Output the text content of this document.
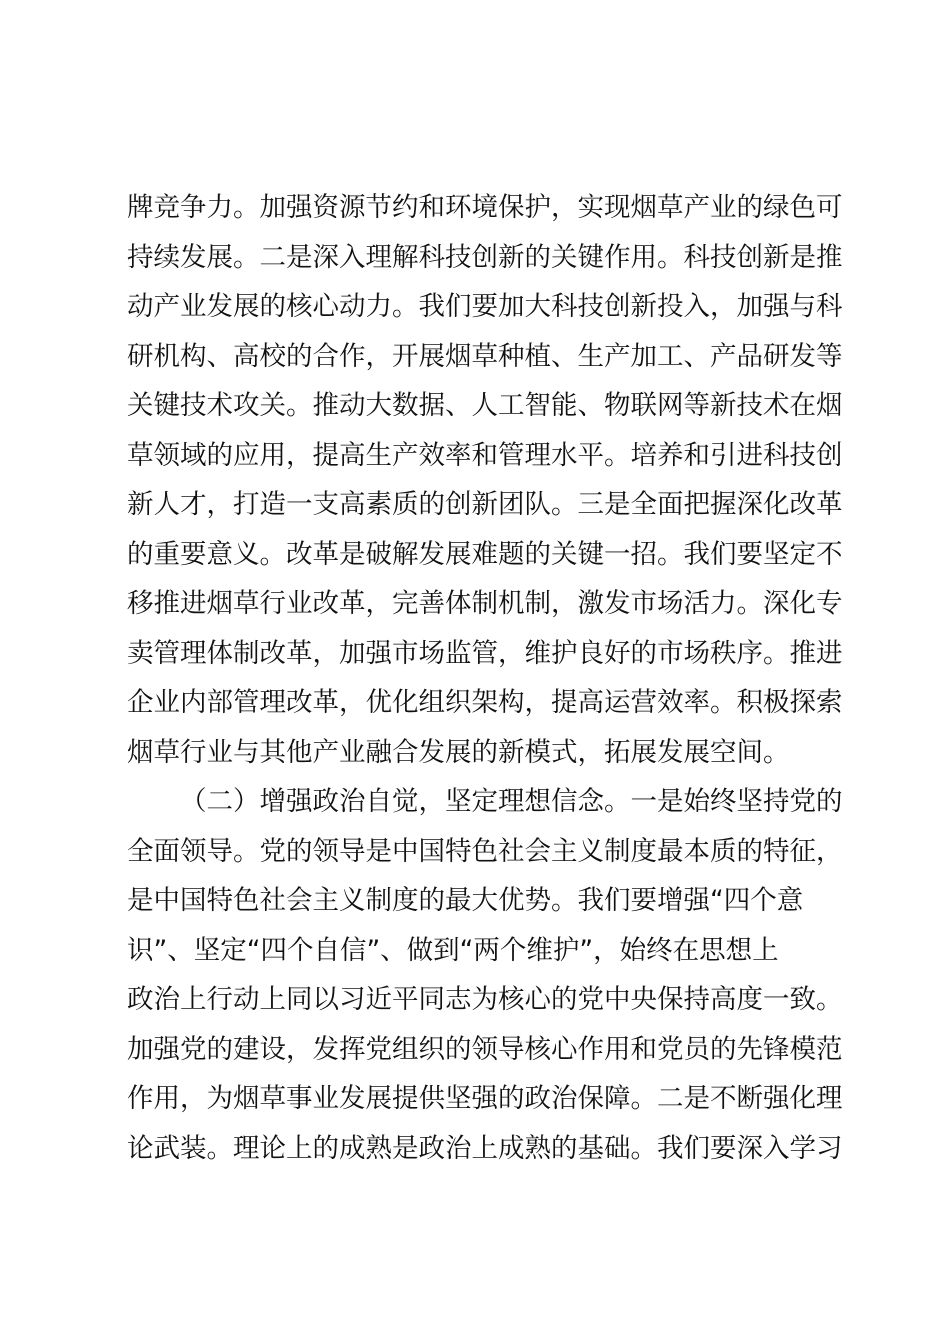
牌竞争力。加强资源节约和环境保护，实现烟草产业的绿色可
持续发展。二是深入理解科技创新的关键作用。科技创新是推
动产业发展的核心动力。我们要加大科技创新投入，加强与科
研机构、高校的合作，开展烟草种植、生产加工、产品研发等
关键技术攻关。推动大数据、人工智能、物联网等新技术在烟
草领域的应用，提高生产效率和管理水平。培养和引进科技创
新人才，打造一支高素质的创新团队。三是全面把握深化改革
的重要意义。改革是破解发展难题的关键一招。我们要坚定不
移推进烟草行业改革，完善体制机制，激发市场活力。深化专
卖管理体制改革，加强市场监管，维护良好的市场秩序。推进
企业内部管理改革，优化组织架构，提高运营效率。积极探索
烟草行业与其他产业融合发展的新模式，拓展发展空间。
（二）增强政治自觉，坚定理想信念。一是始终坚持党的
全面领导。党的领导是中国特色社会主义制度最本质的特征，
是中国特色社会主义制度的最大优势。我们要增强“四个意
识”、坚定“四个自信”、做到“两个维护”，始终在思想上
政治上行动上同以习近平同志为核心的党中央保持高度一致。
加强党的建设，发挥党组织的领导核心作用和党员的先锋模范
作用，为烟草事业发展提供坚强的政治保障。二是不断强化理
论武装。理论上的成熟是政治上成熟的基础。我们要深入学习
